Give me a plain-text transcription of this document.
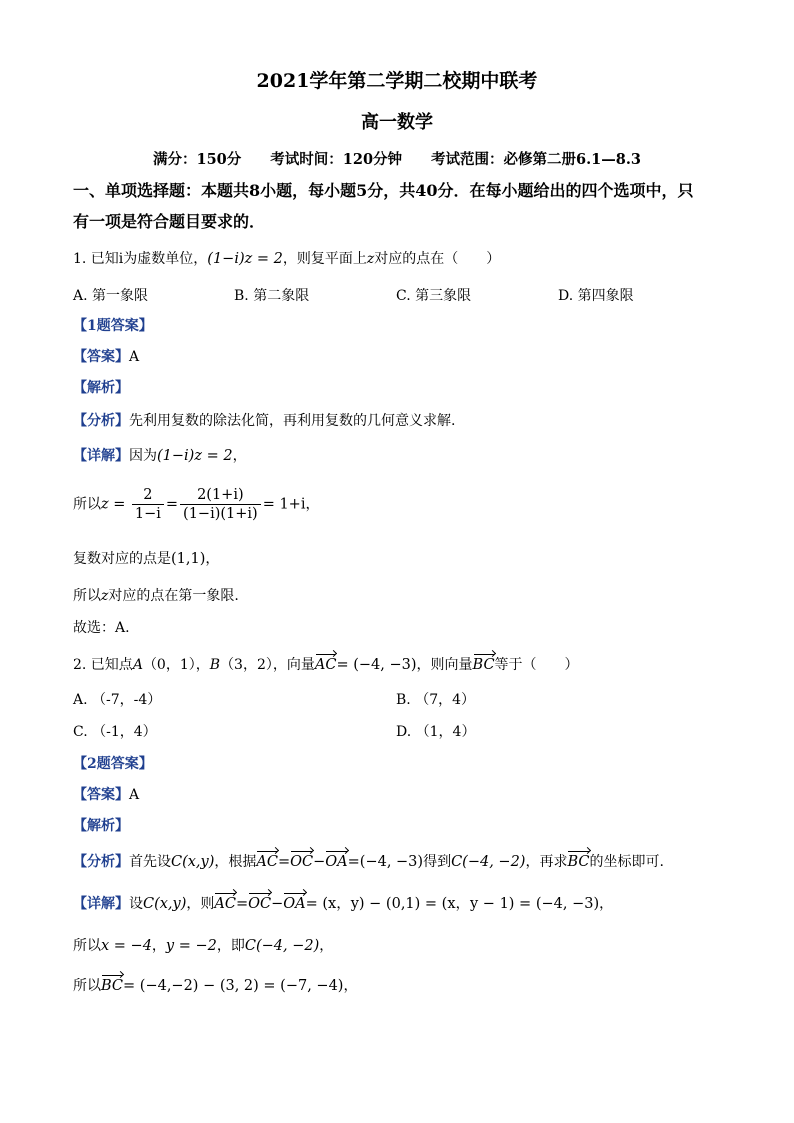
2021学年第二学期二校期中联考
高一数学
满分：150分　　考试时间：120分钟　　考试范围：必修第二册6.1—8.3
一、单项选择题：本题共8小题，每小题5分，共40分．在每小题给出的四个选项中，只
有一项是符合题目要求的．
1. 已知i为虚数单位，(1−i)z = 2，则复平面上z对应的点在（　　）
A. 第一象限	B. 第二象限	C. 第三象限	D. 第四象限
【1题答案】
【答案】A
【解析】
【分析】先利用复数的除法化简，再利用复数的几何意义求解.
【详解】因为(1−i)z = 2，
所以$z = \frac{2}{1-i} = \frac{2(1+i)}{(1-i)(1+i)} = 1+i$，
复数对应的点是(1,1)，
所以z对应的点在第一象限.
故选：A.
2. 已知点A（0，1），B（3，2），向量AC= (−4, −3)，则向量BC等于（　　）
A. （-7，-4）	B. （7，4）
C. （-1，4）	D. （1，4）
【2题答案】
【答案】A
【解析】
【分析】首先设C(x,y)，根据AC=OC−OA=(−4, −3)得到C(−4, −2)，再求BC的坐标即可.
【详解】设C(x,y)，则AC=OC−OA= (x，y) − (0,1) = (x，y − 1) = (−4, −3)，
所以x = −4，y = −2，即C(−4, −2)，
所以BC= (−4,−2) − (3, 2) = (−7, −4)，
